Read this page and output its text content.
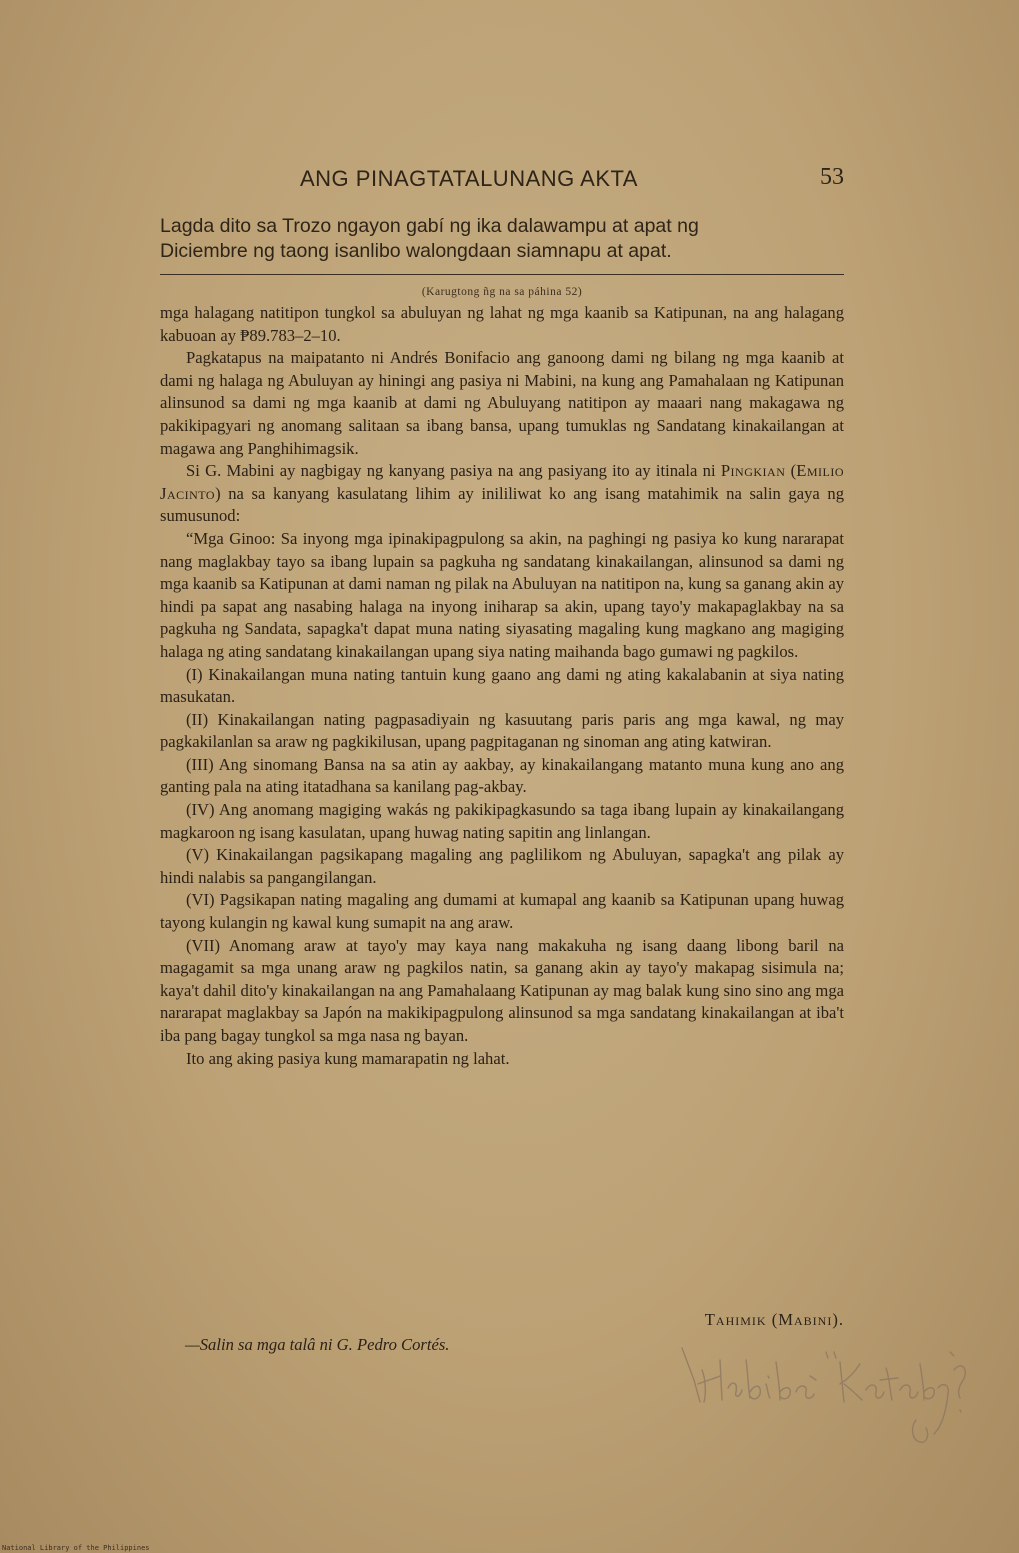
ANG PINAGTATALUNANG AKTA	53
Lagda dito sa Trozo ngayon gabí ng ika dalawampu at apat ng
Diciembre ng taong isanlibo walongdaan siamnapu at apat.
(Karugtong ñg na sa páhina 52)

mga halagang natitipon tungkol sa abuluyan ng lahat ng mga kaanib sa Katipunan, na ang halagang kabuoan ay ₱89.783–2–10.

Pagkatapus na maipatanto ni Andrés Bonifacio ang ganoong dami ng bilang ng mga kaanib at dami ng halaga ng Abuluyan ay hiningi ang pasiya ni Mabini, na kung ang Pamahalaan ng Katipunan alinsunod sa dami ng mga kaanib at dami ng Abuluyang natitipon ay maaari nang makagawa ng pakikipagyari ng anomang salitaan sa ibang bansa, upang tumuklas ng Sandatang kinakailangan at magawa ang Panghihimagsik.

Si G. Mabini ay nagbigay ng kanyang pasiya na ang pasiyang ito ay itinala ni Pingkian (Emilio Jacinto) na sa kanyang kasulatang lihim ay inililiwat ko ang isang matahimik na salin gaya ng sumusunod:

“Mga Ginoo: Sa inyong mga ipinakipagpulong sa akin, na paghingi ng pasiya ko kung nararapat nang maglakbay tayo sa ibang lupain sa pagkuha ng sandatang kinakailangan, alinsunod sa dami ng mga kaanib sa Katipunan at dami naman ng pilak na Abuluyan na natitipon na, kung sa ganang akin ay hindi pa sapat ang nasabing halaga na inyong iniharap sa akin, upang tayo'y makapaglakbay na sa pagkuha ng Sandata, sapagka't dapat muna nating siyasating magaling kung magkano ang magiging halaga ng ating sandatang kinakailangan upang siya nating maihanda bago gumawi ng pagkilos.

(I) Kinakailangan muna nating tantuin kung gaano ang dami ng ating kakalabanin at siya nating masukatan.

(II) Kinakailangan nating pagpasadiyain ng kasuutang paris paris ang mga kawal, ng may pagkakilanlan sa araw ng pagkikilusan, upang pagpitaganan ng sinoman ang ating katwiran.

(III) Ang sinomang Bansa na sa atin ay aakbay, ay kinakailangang matanto muna kung ano ang ganting pala na ating itatadhana sa kanilang pag-akbay.

(IV) Ang anomang magiging wakás ng pakikipagkasundo sa taga ibang lupain ay kinakailangang magkaroon ng isang kasulatan, upang huwag nating sapitin ang linlangan.

(V) Kinakailangan pagsikapang magaling ang paglilikom ng Abuluyan, sapagka't ang pilak ay hindi nalabis sa pangangilangan.

(VI) Pagsikapan nating magaling ang dumami at kumapal ang kaanib sa Katipunan upang huwag tayong kulangin ng kawal kung sumapit na ang araw.

(VII) Anomang araw at tayo'y may kaya nang makakuha ng isang daang libong baril na magagamit sa mga unang araw ng pagkilos natin, sa ganang akin ay tayo'y makapag sisimula na; kaya't dahil dito'y kinakailangan na ang Pamahalaang Katipunan ay mag balak kung sino sino ang mga nararapat maglakbay sa Japón na makikipagpulong alinsunod sa mga sandatang kinakailangan at iba't iba pang bagay tungkol sa mga nasa ng bayan.

Ito ang aking pasiya kung mamarapatin ng lahat.

Tahimik (Mabini).
—Salin sa mga talâ ni G. Pedro Cortés.
National Library of the Philippines
